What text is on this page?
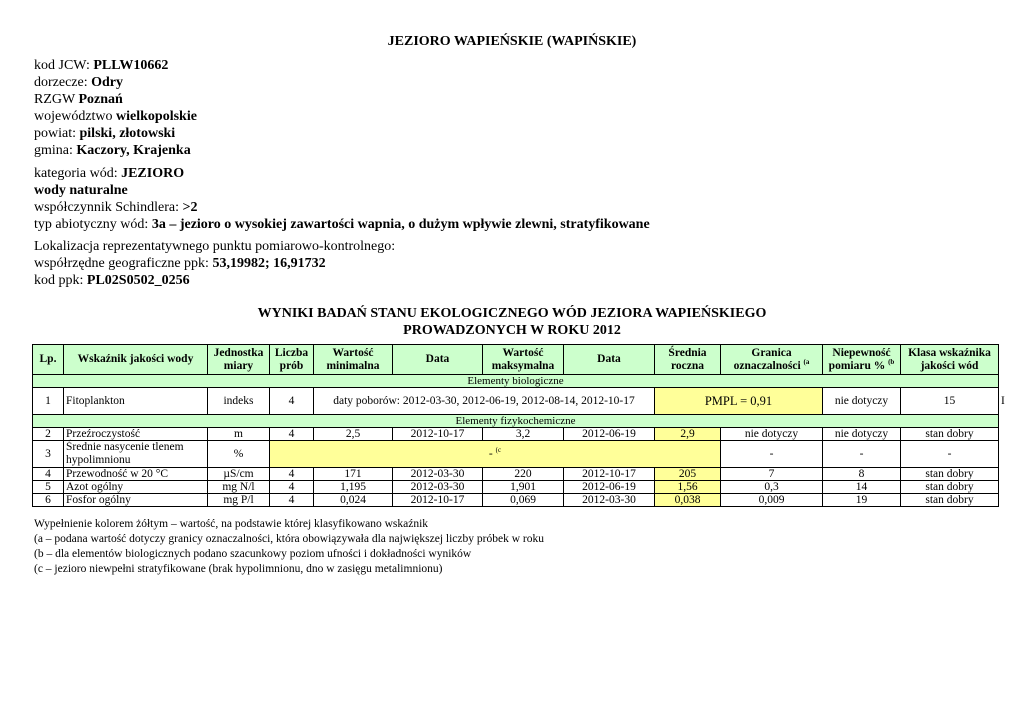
JEZIORO WAPIEŃSKIE (WAPIŃSKIE)
kod JCW: PLLW10662
dorzecze: Odry
RZGW Poznań
województwo wielkopolskie
powiat: pilski, złotowski
gmina: Kaczory, Krajenka
kategoria wód: JEZIORO
wody naturalne
współczynnik Schindlera: >2
typ abiotyczny wód: 3a – jezioro o wysokiej zawartości wapnia, o dużym wpływie zlewni, stratyfikowane
Lokalizacja reprezentatywnego punktu pomiarowo-kontrolnego:
współrzędne geograficzne ppk: 53,19982; 16,91732
kod ppk: PL02S0502_0256
WYNIKI BADAŃ STANU EKOLOGICZNEGO WÓD JEZIORA WAPIEŃSKIEGO
PROWADZONYCH W ROKU 2012
Lp.	Wskaźnik jakości wody	Jednostka miary	Liczba prób	Wartość minimalna	Data	Wartość maksymalna	Data	Średnia roczna	Granica oznaczalności $^{(a}$	Niepewność pomiaru % $^{(b}$	Klasa wskaźnika jakości wód	
Elementy biologiczne												
1	Fitoplankton	indeks	4	daty poborów: 2012-03-30, 2012-06-19, 2012-08-14, 2012-10-17				PMPL = 0,91		nie dotyczy	15	I
Elementy fizykochemiczne												
2	Przeźroczystość	m	4	2,5	2012-10-17	3,2	2012-06-19	2,9	nie dotyczy	nie dotyczy	stan dobry	
3	Średnie nasycenie tlenem hypolimnionu	%	- $^{(c}$						-	-	-	
4	Przewodność w 20 °C	µS/cm	4	171	2012-03-30	220	2012-10-17	205	7	8	stan dobry	
5	Azot ogólny	mg N/l	4	1,195	2012-03-30	1,901	2012-06-19	1,56	0,3	14	stan dobry	
6	Fosfor ogólny	mg P/l	4	0,024	2012-10-17	0,069	2012-03-30	0,038	0,009	19	stan dobry	
Wypełnienie kolorem żółtym – wartość, na podstawie której klasyfikowano wskaźnik
(a – podana wartość dotyczy granicy oznaczalności, która obowiązywała dla największej liczby próbek w roku
(b – dla elementów biologicznych podano szacunkowy poziom ufności i dokładności wyników
(c – jezioro niewpełni stratyfikowane (brak hypolimnionu, dno w zasięgu metalimnionu)
